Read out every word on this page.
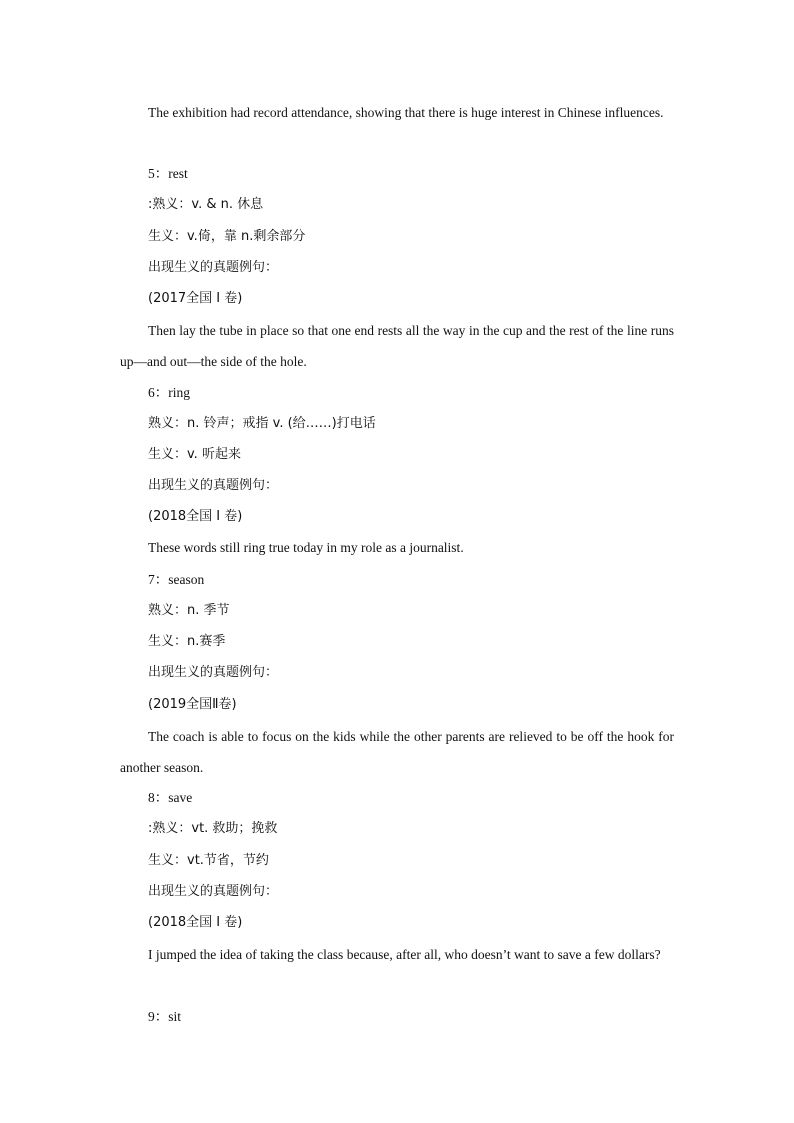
The exhibition had record attendance, showing that there is huge interest in Chinese influences.
5：rest
:熟义：v. & n. 休息
生义：v.倚，靠 n.剩余部分
出现生义的真题例句：
(2017全国 I 卷)
Then lay the tube in place so that one end rests all the way in the cup and the rest of the line runs up—and out—the side of the hole.
6：ring
熟义：n. 铃声；戒指 v. (给……)打电话
生义：v. 听起来
出现生义的真题例句：
(2018全国 I 卷)
These words still ring true today in my role as a journalist.
7：season
熟义：n. 季节
生义：n.赛季
出现生义的真题例句：
(2019全国Ⅱ卷)
The coach is able to focus on the kids while the other parents are relieved to be off the hook for another season.
8：save
:熟义：vt. 救助；挽救
生义：vt.节省，节约
出现生义的真题例句：
(2018全国 I 卷)
I jumped the idea of taking the class because, after all, who doesn’t want to save a few dollars?
9：sit
